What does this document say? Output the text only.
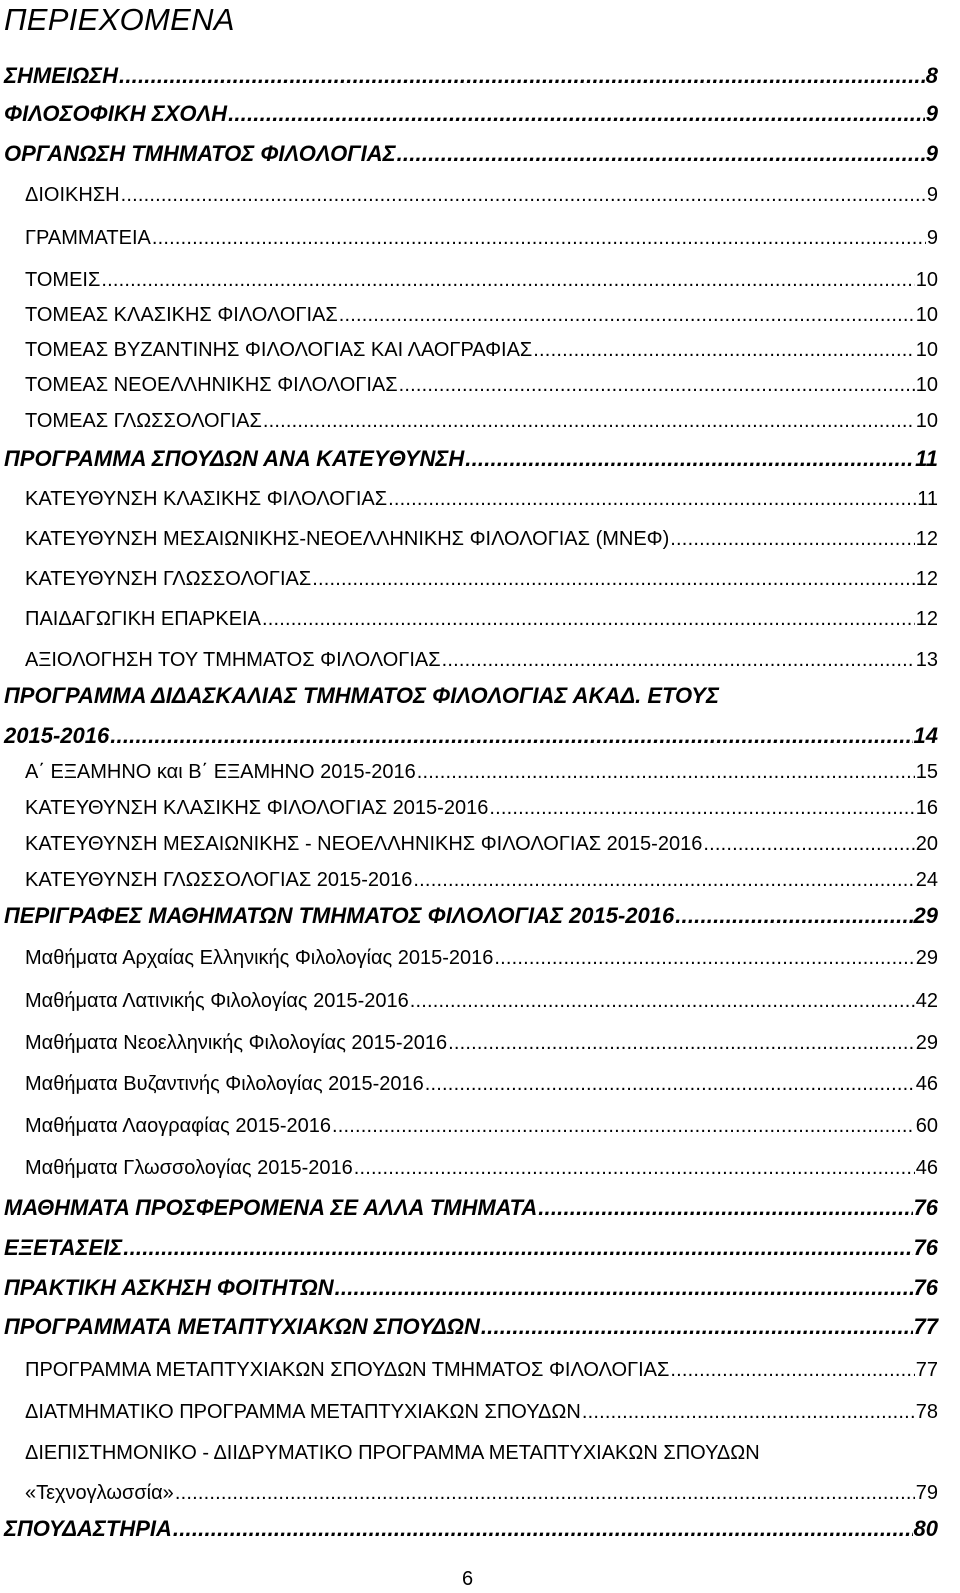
ΠΕΡΙΕΧΟΜΕΝΑ
ΣΗΜΕΙΩΣΗ .....	8
ΦΙΛΟΣΟΦΙΚΗ ΣΧΟΛΗ .....	9
ΟΡΓΑΝΩΣΗ ΤΜΗΜΑΤΟΣ ΦΙΛΟΛΟΓΙΑΣ .....	9
ΔΙΟΙΚΗΣΗ .....	9
ΓΡΑΜΜΑΤΕΙΑ .....	9
ΤΟΜΕΙΣ .....	10
ΤΟΜΕΑΣ ΚΛΑΣΙΚΗΣ ΦΙΛΟΛΟΓΙΑΣ .....	10
ΤΟΜΕΑΣ ΒΥΖΑΝΤΙΝΗΣ ΦΙΛΟΛΟΓΙΑΣ ΚΑΙ ΛΑΟΓΡΑΦΙΑΣ .....	10
ΤΟΜΕΑΣ ΝΕΟΕΛΛΗΝΙΚΗΣ ΦΙΛΟΛΟΓΙΑΣ .....	10
ΤΟΜΕΑΣ ΓΛΩΣΣΟΛΟΓΙΑΣ .....	10
ΠΡΟΓΡΑΜΜΑ ΣΠΟΥΔΩΝ ΑΝΑ ΚΑΤΕΥΘΥΝΣΗ .....	11
ΚΑΤΕΥΘΥΝΣΗ ΚΛΑΣΙΚΗΣ ΦΙΛΟΛΟΓΙΑΣ .....	11
ΚΑΤΕΥΘΥΝΣΗ ΜΕΣΑΙΩΝΙΚΗΣ-ΝΕΟΕΛΛΗΝΙΚΗΣ ΦΙΛΟΛΟΓΙΑΣ (ΜΝΕΦ) .....	12
ΚΑΤΕΥΘΥΝΣΗ ΓΛΩΣΣΟΛΟΓΙΑΣ .....	12
ΠΑΙΔΑΓΩΓΙΚΗ ΕΠΑΡΚΕΙΑ .....	12
ΑΞΙΟΛΟΓΗΣΗ ΤΟΥ ΤΜΗΜΑΤΟΣ ΦΙΛΟΛΟΓΙΑΣ .....	13
ΠΡΟΓΡΑΜΜΑ ΔΙΔΑΣΚΑΛΙΑΣ ΤΜΗΜΑΤΟΣ ΦΙΛΟΛΟΓΙΑΣ ΑΚΑΔ. ΕΤΟΥΣ
2015-2016 .....	14
Α΄ ΕΞΑΜΗΝΟ και Β΄ ΕΞΑΜΗΝΟ 2015-2016 .....	15
ΚΑΤΕΥΘΥΝΣΗ ΚΛΑΣΙΚΗΣ ΦΙΛΟΛΟΓΙΑΣ 2015-2016 .....	16
ΚΑΤΕΥΘΥΝΣΗ ΜΕΣΑΙΩΝΙΚΗΣ - ΝΕΟΕΛΛΗΝΙΚΗΣ ΦΙΛΟΛΟΓΙΑΣ 2015-2016 .....	20
ΚΑΤΕΥΘΥΝΣΗ ΓΛΩΣΣΟΛΟΓΙΑΣ 2015-2016 .....	24
ΠΕΡΙΓΡΑΦΕΣ ΜΑΘΗΜΑΤΩΝ ΤΜΗΜΑΤΟΣ ΦΙΛΟΛΟΓΙΑΣ 2015-2016 .....	29
Μαθήματα Αρχαίας Ελληνικής Φιλολογίας 2015-2016 .....	29
Μαθήματα Λατινικής Φιλολογίας 2015-2016 .....	42
Μαθήματα Νεοελληνικής Φιλολογίας 2015-2016 .....	29
Μαθήματα Βυζαντινής Φιλολογίας 2015-2016 .....	46
Μαθήματα Λαογραφίας 2015-2016 .....	60
Μαθήματα Γλωσσολογίας 2015-2016 .....	46
ΜΑΘΗΜΑΤΑ ΠΡΟΣΦΕΡΟΜΕΝΑ ΣΕ ΑΛΛΑ ΤΜΗΜΑΤΑ .....	76
ΕΞΕΤΑΣΕΙΣ .....	76
ΠΡΑΚΤΙΚΗ ΑΣΚΗΣΗ ΦΟΙΤΗΤΩΝ .....	76
ΠΡΟΓΡΑΜΜΑΤΑ ΜΕΤΑΠΤΥΧΙΑΚΩΝ ΣΠΟΥΔΩΝ .....	77
ΠΡΟΓΡΑΜΜΑ ΜΕΤΑΠΤΥΧΙΑΚΩΝ ΣΠΟΥΔΩΝ ΤΜΗΜΑΤΟΣ ΦΙΛΟΛΟΓΙΑΣ .....	77
ΔΙΑΤΜΗΜΑΤΙΚΟ ΠΡΟΓΡΑΜΜΑ ΜΕΤΑΠΤΥΧΙΑΚΩΝ ΣΠΟΥΔΩΝ .....	78
ΔΙΕΠΙΣΤΗΜΟΝΙΚΟ - ΔΙΙΔΡΥΜΑΤΙΚΟ ΠΡΟΓΡΑΜΜΑ ΜΕΤΑΠΤΥΧΙΑΚΩΝ ΣΠΟΥΔΩΝ
«Τεχνογλωσσία» .....	79
ΣΠΟΥΔΑΣΤΗΡΙΑ .....	80
6
